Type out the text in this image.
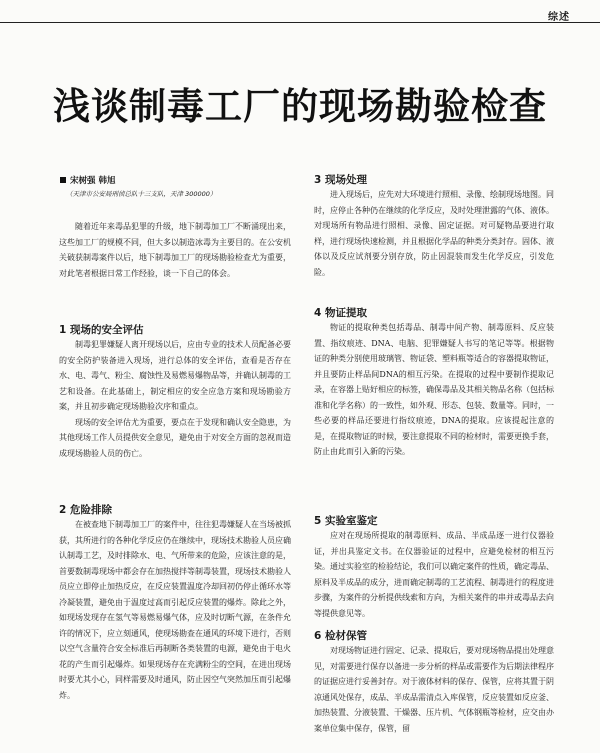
综述
浅谈制毒工厂的现场勘验检查
宋树强 韩旭
（天津市公安局刑侦总队十三支队，天津 300000）

随着近年来毒品犯罪的升级，地下制毒加工厂不断涌现出来，这些加工厂的规模不同，但大多以制造冰毒为主要目的。在公安机关破获制毒案件以后，地下制毒加工厂的现场勘验检查尤为重要，对此笔者根据日常工作经验，谈一下自己的体会。

1 现场的安全评估

制毒犯罪嫌疑人离开现场以后，应由专业的技术人员配备必要的安全防护装备进入现场，进行总体的安全评估，查看是否存在水、电、毒气、粉尘、腐蚀性及易燃易爆物品等，并确认制毒的工艺和设备。在此基础上，制定相应的安全应急方案和现场勘验方案，并且初步确定现场勘验次序和重点。

现场的安全评估尤为重要，要点在于发现和确认安全隐患，为其他现场工作人员提供安全意见，避免由于对安全方面的忽视而造成现场勘验人员的伤亡。

2 危险排除

在被查地下制毒加工厂的案件中，往往犯毒嫌疑人在当场被抓获，其所进行的各种化学反应仍在继续中，现场技术勘验人员应确认制毒工艺，及时排除水、电、气所带来的危险，应该注意的是，首要数制毒现场中都会存在加热搅拌等制毒装置，现场技术勘验人员应立即停止加热反应，在反应装置温度冷却回初仍停止循环水等冷凝装置，避免由于温度过高而引起反应装置的爆炸。除此之外，如现场发现存在氢气等易燃易爆气体，应及时切断气源，在条件允许的情况下，应立刻通风，使现场勘查在通风的环境下进行，否则以空气含量符合安全标准后再制断各类装置的电源，避免由于电火花的产生而引起爆炸。如果现场存在充满粉尘的空间，在进出现场时要尤其小心，同样需要及时通风，防止因空气突然加压而引起爆炸。

3 现场处理

进入现场后，应先对大环境进行照相、录像、绘制现场地图。同时，应停止各种仍在继续的化学反应，及时处理泄露的气体、液体。对现场所有物品进行照相、录像、固定证据。对可疑物品要进行取样，进行现场快速检测，并且根据化学品的种类分类封存。固体、液体以及反应试剂要分别存放，防止因混装而发生化学反应，引发危险。

4 物证提取

物证的提取种类包括毒品、制毒中间产物、制毒原料、反应装置、指纹痕迹、DNA、电脑、犯罪嫌疑人书写的笔记等等。根据物证的种类分别使用玻璃管、物证袋、塑料瓶等适合的容器提取物证，并且要防止样品间DNA的相互污染。在提取的过程中要制作提取记录，在容器上贴好相应的标签，确保毒品及其相关物品名称（包括标准和化学名称）的一致性，如外观、形态、包装、数量等。同时，一些必要的样品还要进行指纹痕迹，DNA的提取。应该提起注意的是，在提取物证的时候，要注意提取不同的检材时，需要更换手套，防止由此而引入新的污染。

5 实验室鉴定

应对在现场所提取的制毒原料、成品、半成品逐一进行仪器验证，并出具鉴定文书。在仪器验证的过程中，应避免检材的相互污染。通过实验室的检验结论，我们可以确定案件的性质，确定毒品、原料及半成品的成分，进而确定制毒的工艺流程、制毒进行的程度进步骤，为案件的分析提供线索和方向，为相关案件的串并或毒品去向等提供意见等。

6 检材保管

对现场物证进行固定、记录、提取后，要对现场物品提出处理意见，对需要进行保存以备进一步分析的样品或需要作为后期法律程序的证据应进行妥善封存。对于液体材料的保存、保管，应将其置于阴凉通风处保存，成品、半成品需清点入库保管，反应装置如反应釜、加热装置、分液装置、干燥器、压片机、气体钢瓶等检材，应交由办案单位集中保存，保管，留
